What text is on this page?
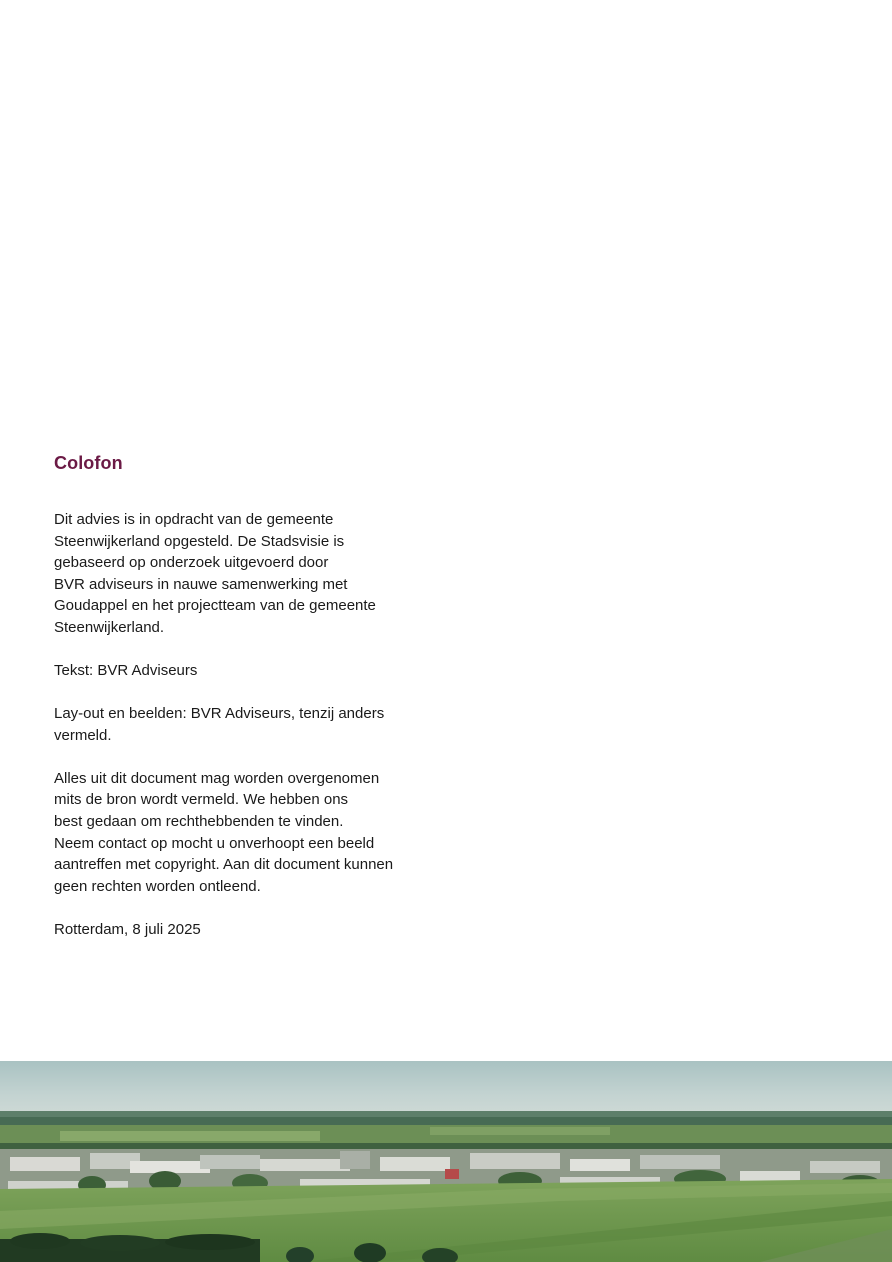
Colofon

Dit advies is in opdracht van de gemeente
Steenwijkerland opgesteld. De Stadsvisie is
gebaseerd op onderzoek uitgevoerd door
BVR adviseurs in nauwe samenwerking met
Goudappel en het projectteam van de gemeente
Steenwijkerland.

Tekst: BVR Adviseurs

Lay-out en beelden: BVR Adviseurs, tenzij anders
vermeld.

Alles uit dit document mag worden overgenomen
mits de bron wordt vermeld. We hebben ons
best gedaan om rechthebbenden te vinden.
Neem contact op mocht u onverhoopt een beeld
aantreffen met copyright. Aan dit document kunnen
geen rechten worden ontleend.

Rotterdam, 8 juli 2025
